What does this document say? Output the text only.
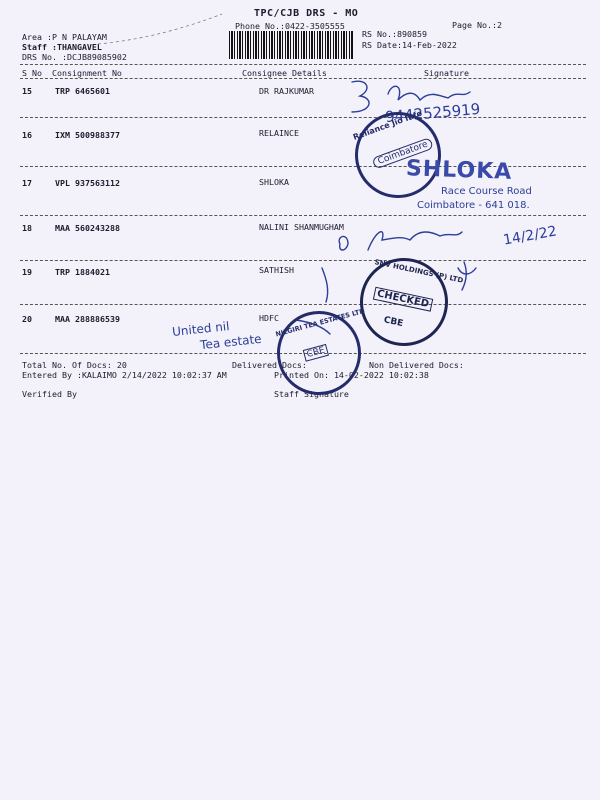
TPC/CJB DRS - MO
Phone No.:0422-3505555
RS No.:890859
RS Date:14-Feb-2022
Page No.:2
Area :P N PALAYAM
Staff :THANGAVEL
DRS No. :DCJB89085902
S No Consignment No	Consignee Details	Signature
15	TRP 6465601	DR RAJKUMAR
16	IXM 500988377	RELAINCE
17	VPL 937563112	SHLOKA
18	MAA 560243288	NALINI SHANMUGHAM
19	TRP 1884021	SATHISH
20	MAA 288886539	HDFC
Total No. Of Docs: 20	Delivered Docs:	Non Delivered Docs:
Entered By :KALAIMO 2/14/2022 10:02:37 AM	Printed On: 14-02-2022 10:02:38
Verified By	Staff Signature
9442525919
14/2/22
United nil
Tea estate
Reliance Jio Info
Coimbatore
SHLOKA
Race Course Road
Coimbatore - 641 018.
SNV HOLDINGS (P) LTD
CHECKED
CBE
NILGIRI TEA ESTATES LTD
CBE
